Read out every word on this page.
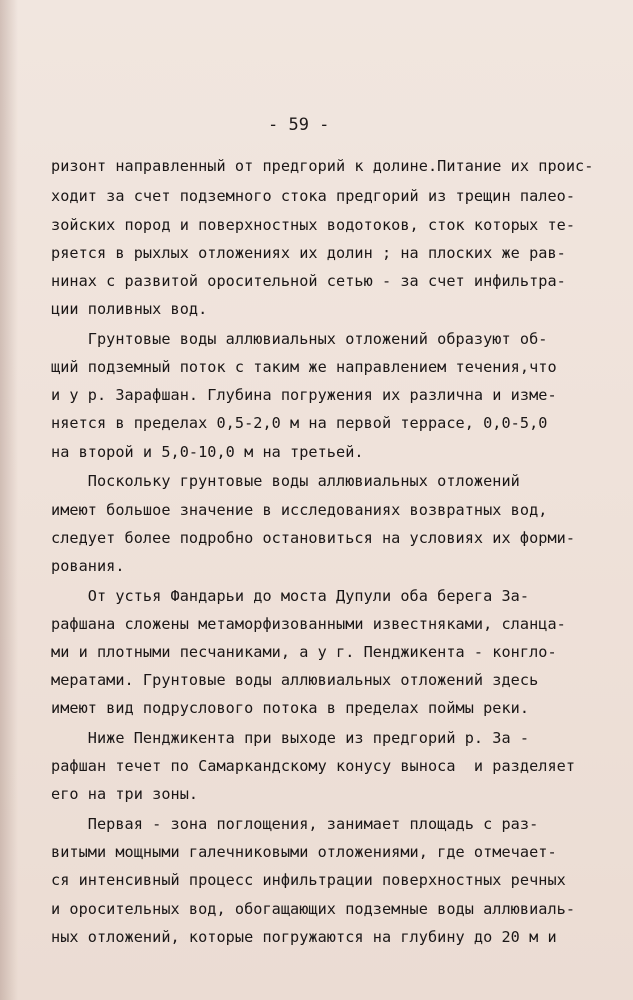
- 59 -
ризонт направленный от предгорий к долине.Питание их проис-
ходит за счет подземного стока предгорий из трещин палео-
зойских пород и поверхностных водотоков, сток которых те-
ряется в рыхлых отложениях их долин ; на плоских же рав-
нинах с развитой оросительной сетью - за счет инфильтра-
ции поливных вод.
Грунтовые воды аллювиальных отложений образуют об-
щий подземный поток с таким же направлением течения,что
и у р. Зарафшан. Глубина погружения их различна и изме-
няется в пределах 0,5-2,0 м на первой террасе, 0,0-5,0
на второй и 5,0-10,0 м на третьей.
Поскольку грунтовые воды аллювиальных отложений
имеют большое значение в исследованиях возвратных вод,
следует более подробно остановиться на условиях их форми-
рования.
От устья Фандарьи до моста Дупули оба берега За-
рафшана сложены метаморфизованными известняками, сланца-
ми и плотными песчаниками, а у г. Пенджикента - конгло-
мератами. Грунтовые воды аллювиальных отложений здесь
имеют вид подруслового потока в пределах поймы реки.
Ниже Пенджикента при выходе из предгорий р. За -
рафшан течет по Самаркандскому конусу выноса  и разделяет
его на три зоны.
Первая - зона поглощения, занимает площадь с раз-
витыми мощными галечниковыми отложениями, где отмечает-
ся интенсивный процесс инфильтрации поверхностных речных
и оросительных вод, обогащающих подземные воды аллювиаль-
ных отложений, которые погружаются на глубину до 20 м и
